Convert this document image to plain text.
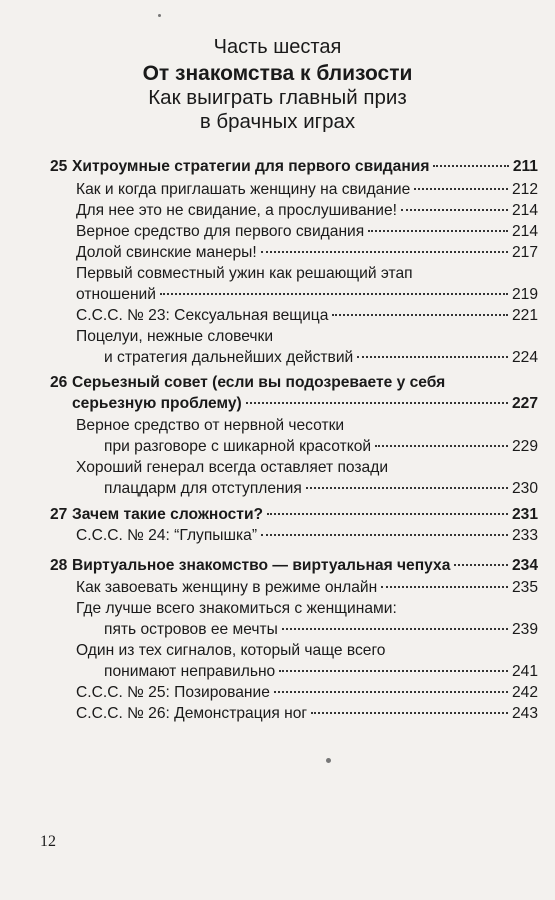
Часть шестая
От знакомства к близости
Как выиграть главный приз
в брачных играх
25 Хитроумные стратегии для первого свидания	211
Как и когда приглашать женщину на свидание	212
Для нее это не свидание, а прослушивание!	214
Верное средство для первого свидания	214
Долой свинские манеры!	217
Первый совместный ужин как решающий этап
отношений	219
С.С.С. № 23: Сексуальная вещица	221
Поцелуи, нежные словечки
и стратегия дальнейших действий	224
26 Серьезный совет (если вы подозреваете у себя
серьезную проблему)	227
Верное средство от нервной чесотки
при разговоре с шикарной красоткой	229
Хороший генерал всегда оставляет позади
плацдарм для отступления	230
27 Зачем такие сложности?	231
С.С.С. № 24: “Глупышка”	233
28 Виртуальное знакомство — виртуальная чепуха	234
Как завоевать женщину в режиме онлайн	235
Где лучше всего знакомиться с женщинами:
пять островов ее мечты	239
Один из тех сигналов, который чаще всего
понимают неправильно	241
С.С.С. № 25: Позирование	242
С.С.С. № 26: Демонстрация ног	243
12
